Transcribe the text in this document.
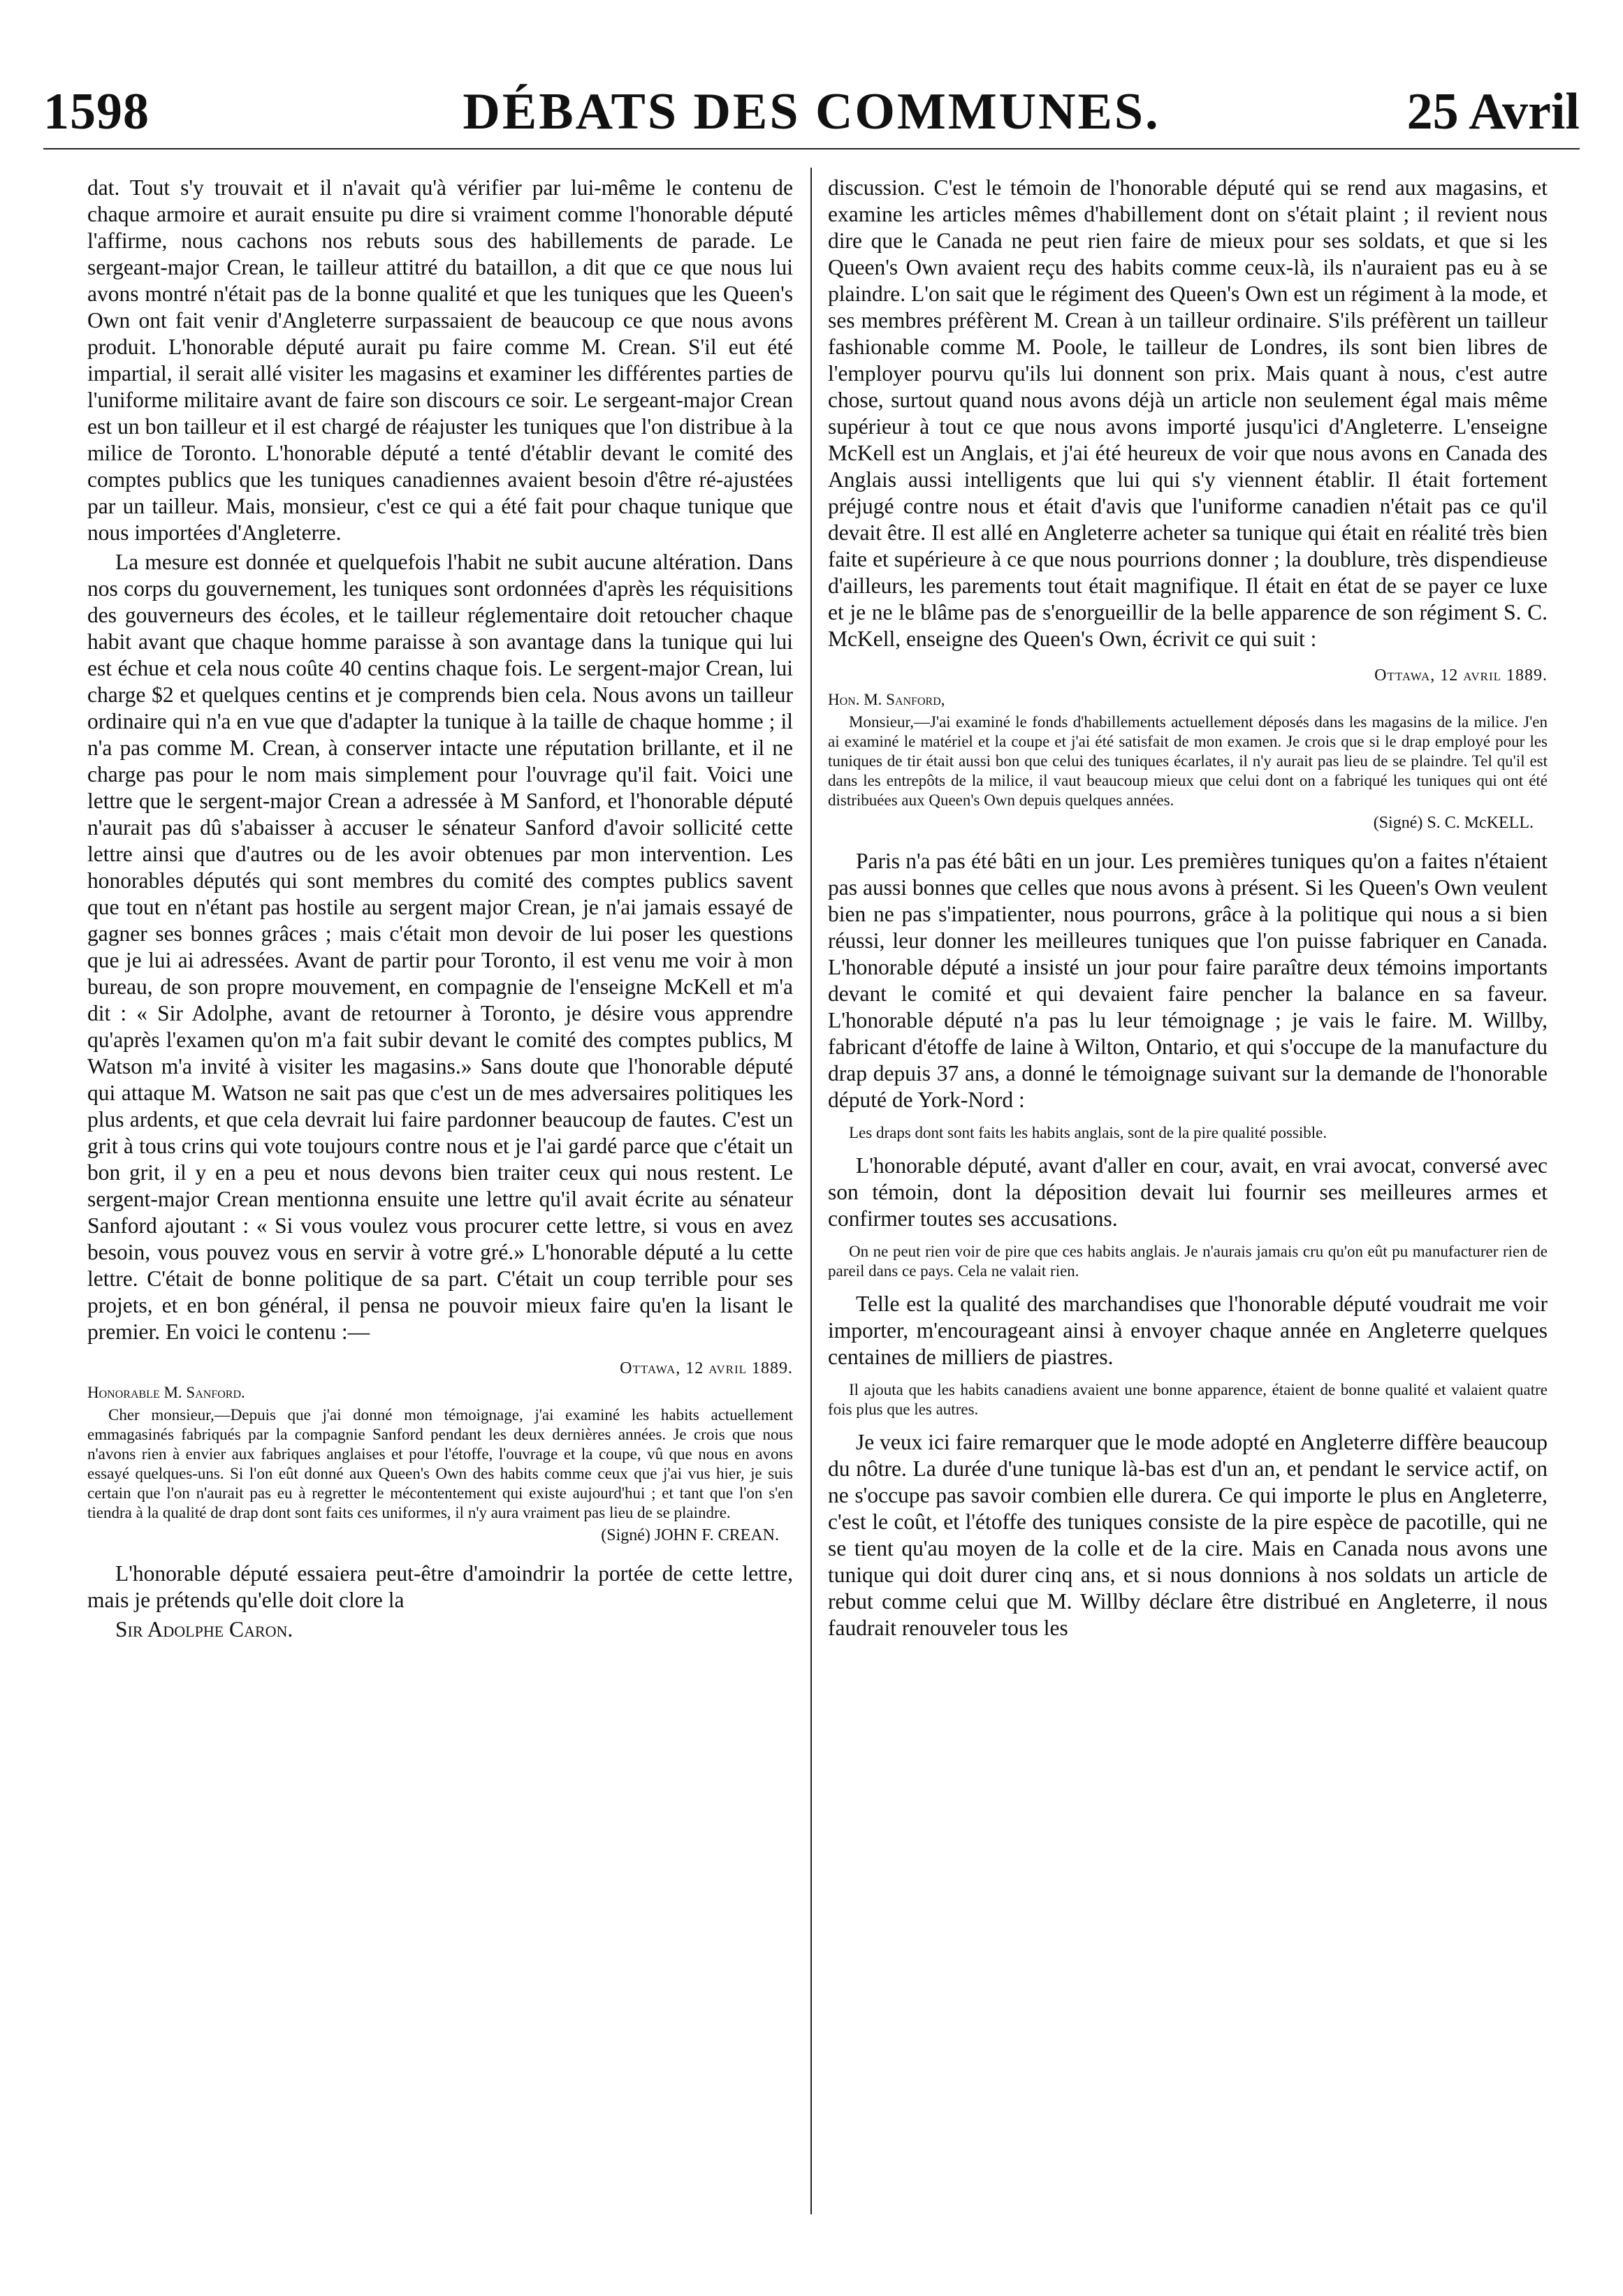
1598	DÉBATS DES COMMUNES.	25 Avril

dat. Tout s'y trouvait et il n'avait qu'à vérifier par lui-même le contenu de chaque armoire et aurait ensuite pu dire si vraiment comme l'honorable député l'affirme, nous cachons nos rebuts sous des habillements de parade. Le sergeant-major Crean, le tailleur attitré du bataillon, a dit que ce que nous lui avons montré n'était pas de la bonne qualité et que les tuniques que les Queen's Own ont fait venir d'Angleterre surpassaient de beaucoup ce que nous avons produit. L'honorable député aurait pu faire comme M. Crean. S'il eut été impartial, il serait allé visiter les magasins et examiner les différentes parties de l'uniforme militaire avant de faire son discours ce soir. Le sergeant-major Crean est un bon tailleur et il est chargé de réajuster les tuniques que l'on distribue à la milice de Toronto. L'honorable député a tenté d'établir devant le comité des comptes publics que les tuniques canadiennes avaient besoin d'être ré-ajustées par un tailleur. Mais, monsieur, c'est ce qui a été fait pour chaque tunique que nous importées d'Angleterre.

La mesure est donnée et quelquefois l'habit ne subit aucune altération. Dans nos corps du gouvernement, les tuniques sont ordonnées d'après les réquisitions des gouverneurs des écoles, et le tailleur réglementaire doit retoucher chaque habit avant que chaque homme paraisse à son avantage dans la tunique qui lui est échue et cela nous coûte 40 centins chaque fois. Le sergent-major Crean, lui charge $2 et quelques centins et je comprends bien cela. Nous avons un tailleur ordinaire qui n'a en vue que d'adapter la tunique à la taille de chaque homme ; il n'a pas comme M. Crean, à conserver intacte une réputation brillante, et il ne charge pas pour le nom mais simplement pour l'ouvrage qu'il fait. Voici une lettre que le sergent-major Crean a adressée à M Sanford, et l'honorable député n'aurait pas dû s'abaisser à accuser le sénateur Sanford d'avoir sollicité cette lettre ainsi que d'autres ou de les avoir obtenues par mon intervention. Les honorables députés qui sont membres du comité des comptes publics savent que tout en n'étant pas hostile au sergent major Crean, je n'ai jamais essayé de gagner ses bonnes grâces ; mais c'était mon devoir de lui poser les questions que je lui ai adressées. Avant de partir pour Toronto, il est venu me voir à mon bureau, de son propre mouvement, en compagnie de l'enseigne McKell et m'a dit : « Sir Adolphe, avant de retourner à Toronto, je désire vous apprendre qu'après l'examen qu'on m'a fait subir devant le comité des comptes publics, M Watson m'a invité à visiter les magasins.» Sans doute que l'honorable député qui attaque M. Watson ne sait pas que c'est un de mes adversaires politiques les plus ardents, et que cela devrait lui faire pardonner beaucoup de fautes. C'est un grit à tous crins qui vote toujours contre nous et je l'ai gardé parce que c'était un bon grit, il y en a peu et nous devons bien traiter ceux qui nous restent. Le sergent-major Crean mentionna ensuite une lettre qu'il avait écrite au sénateur Sanford ajoutant : « Si vous voulez vous procurer cette lettre, si vous en avez besoin, vous pouvez vous en servir à votre gré.» L'honorable député a lu cette lettre. C'était de bonne politique de sa part. C'était un coup terrible pour ses projets, et en bon général, il pensa ne pouvoir mieux faire qu'en la lisant le premier. En voici le contenu :—

Ottawa, 12 avril 1889.
Honorable M. Sanford.

Cher monsieur,—Depuis que j'ai donné mon témoignage, j'ai examiné les habits actuellement emmagasinés fabriqués par la compagnie Sanford pendant les deux dernières années. Je crois que nous n'avons rien à envier aux fabriques anglaises et pour l'étoffe, l'ouvrage et la coupe, vû que nous en avons essayé quelques-uns. Si l'on eût donné aux Queen's Own des habits comme ceux que j'ai vus hier, je suis certain que l'on n'aurait pas eu à regretter le mécontentement qui existe aujourd'hui ; et tant que l'on s'en tiendra à la qualité de drap dont sont faits ces uniformes, il n'y aura vraiment pas lieu de se plaindre.

(Signé) JOHN F. CREAN.

L'honorable député essaiera peut-être d'amoindrir la portée de cette lettre, mais je prétends qu'elle doit clore la

Sir Adolphe Caron.

discussion. C'est le témoin de l'honorable député qui se rend aux magasins, et examine les articles mêmes d'habillement dont on s'était plaint ; il revient nous dire que le Canada ne peut rien faire de mieux pour ses soldats, et que si les Queen's Own avaient reçu des habits comme ceux-là, ils n'auraient pas eu à se plaindre. L'on sait que le régiment des Queen's Own est un régiment à la mode, et ses membres préfèrent M. Crean à un tailleur ordinaire. S'ils préfèrent un tailleur fashionable comme M. Poole, le tailleur de Londres, ils sont bien libres de l'employer pourvu qu'ils lui donnent son prix. Mais quant à nous, c'est autre chose, surtout quand nous avons déjà un article non seulement égal mais même supérieur à tout ce que nous avons importé jusqu'ici d'Angleterre. L'enseigne McKell est un Anglais, et j'ai été heureux de voir que nous avons en Canada des Anglais aussi intelligents que lui qui s'y viennent établir. Il était fortement préjugé contre nous et était d'avis que l'uniforme canadien n'était pas ce qu'il devait être. Il est allé en Angleterre acheter sa tunique qui était en réalité très bien faite et supérieure à ce que nous pourrions donner ; la doublure, très dispendieuse d'ailleurs, les parements tout était magnifique. Il était en état de se payer ce luxe et je ne le blâme pas de s'enorgueillir de la belle apparence de son régiment S. C. McKell, enseigne des Queen's Own, écrivit ce qui suit :

Ottawa, 12 avril 1889.
Hon. M. Sanford,

Monsieur,—J'ai examiné le fonds d'habillements actuellement déposés dans les magasins de la milice. J'en ai examiné le matériel et la coupe et j'ai été satisfait de mon examen. Je crois que si le drap employé pour les tuniques de tir était aussi bon que celui des tuniques écarlates, il n'y aurait pas lieu de se plaindre. Tel qu'il est dans les entrepôts de la milice, il vaut beaucoup mieux que celui dont on a fabriqué les tuniques qui ont été distribuées aux Queen's Own depuis quelques années.

(Signé) S. C. McKELL.

Paris n'a pas été bâti en un jour. Les premières tuniques qu'on a faites n'étaient pas aussi bonnes que celles que nous avons à présent. Si les Queen's Own veulent bien ne pas s'impatienter, nous pourrons, grâce à la politique qui nous a si bien réussi, leur donner les meilleures tuniques que l'on puisse fabriquer en Canada. L'honorable député a insisté un jour pour faire paraître deux témoins importants devant le comité et qui devaient faire pencher la balance en sa faveur. L'honorable député n'a pas lu leur témoignage ; je vais le faire. M. Willby, fabricant d'étoffe de laine à Wilton, Ontario, et qui s'occupe de la manufacture du drap depuis 37 ans, a donné le témoignage suivant sur la demande de l'honorable député de York-Nord :

Les draps dont sont faits les habits anglais, sont de la pire qualité possible.

L'honorable député, avant d'aller en cour, avait, en vrai avocat, conversé avec son témoin, dont la déposition devait lui fournir ses meilleures armes et confirmer toutes ses accusations.

On ne peut rien voir de pire que ces habits anglais. Je n'aurais jamais cru qu'on eût pu manufacturer rien de pareil dans ce pays. Cela ne valait rien.

Telle est la qualité des marchandises que l'honorable député voudrait me voir importer, m'encourageant ainsi à envoyer chaque année en Angleterre quelques centaines de milliers de piastres.

Il ajouta que les habits canadiens avaient une bonne apparence, étaient de bonne qualité et valaient quatre fois plus que les autres.

Je veux ici faire remarquer que le mode adopté en Angleterre diffère beaucoup du nôtre. La durée d'une tunique là-bas est d'un an, et pendant le service actif, on ne s'occupe pas savoir combien elle durera. Ce qui importe le plus en Angleterre, c'est le coût, et l'étoffe des tuniques consiste de la pire espèce de pacotille, qui ne se tient qu'au moyen de la colle et de la cire. Mais en Canada nous avons une tunique qui doit durer cinq ans, et si nous donnions à nos soldats un article de rebut comme celui que M. Willby déclare être distribué en Angleterre, il nous faudrait renouveler tous les
